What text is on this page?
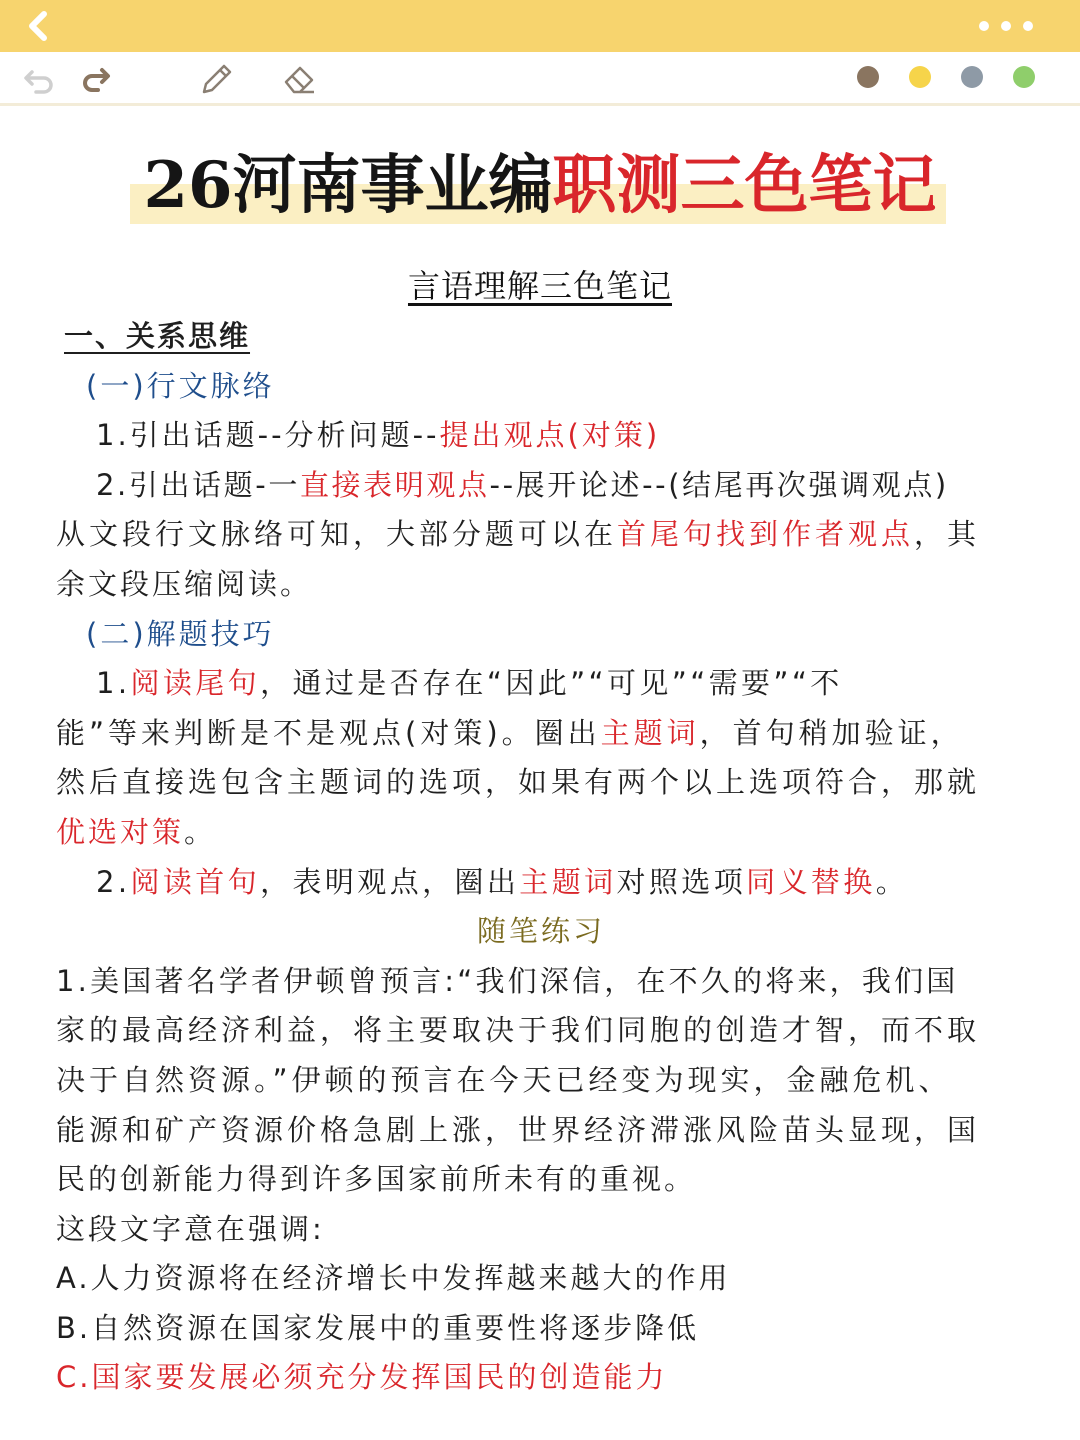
26河南事业编职测三色笔记
言语理解三色笔记
一、关系思维
(一)行文脉络
1.引出话题--分析问题--提出观点(对策)
2.引出话题-一直接表明观点--展开论述--(结尾再次强调观点)
从文段行文脉络可知，大部分题可以在首尾句找到作者观点，其
余文段压缩阅读。
(二)解题技巧
1.阅读尾句，通过是否存在“因此”“可见”“需要”“不
能”等来判断是不是观点(对策)。圈出主题词，首句稍加验证，
然后直接选包含主题词的选项，如果有两个以上选项符合，那就
优选对策。
2.阅读首句，表明观点，圈出主题词对照选项同义替换。
随笔练习
1.美国著名学者伊顿曾预言:“我们深信，在不久的将来，我们国
家的最高经济利益，将主要取决于我们同胞的创造才智，而不取
决于自然资源。”伊顿的预言在今天已经变为现实，金融危机、
能源和矿产资源价格急剧上涨，世界经济滞涨风险苗头显现，国
民的创新能力得到许多国家前所未有的重视。
这段文字意在强调:
A.人力资源将在经济增长中发挥越来越大的作用
B.自然资源在国家发展中的重要性将逐步降低
C.国家要发展必须充分发挥国民的创造能力
